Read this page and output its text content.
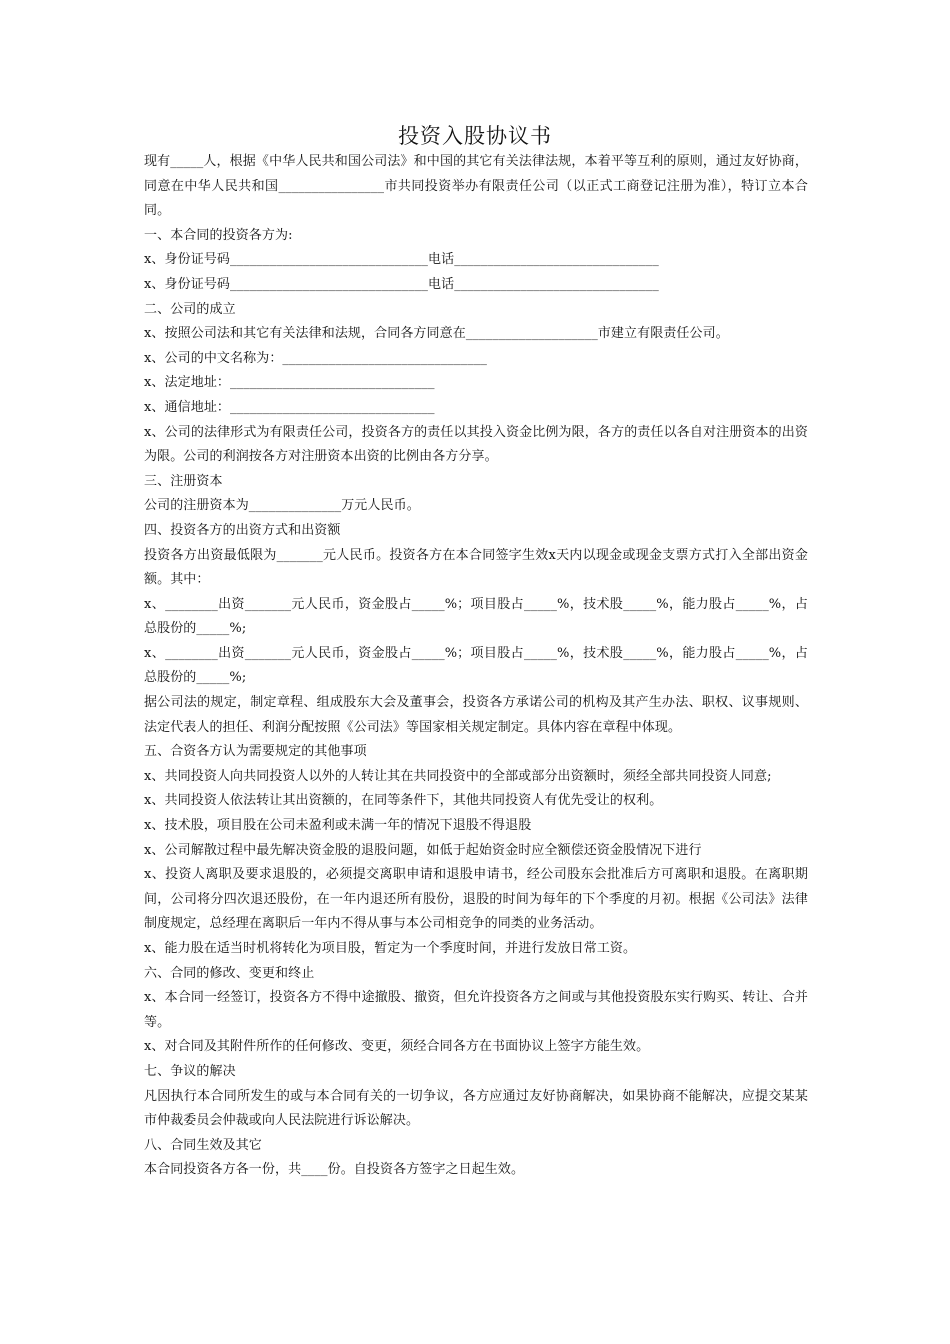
投资入股协议书

现有_____人，根据《中华人民共和国公司法》和中国的其它有关法律法规，本着平等互利的原则，通过友好协商，同意在中华人民共和国________________市共同投资举办有限责任公司（以正式工商登记注册为准），特订立本合同。

一、本合同的投资各方为:

x、身份证号码______________________________电话_______________________________

x、身份证号码______________________________电话_______________________________

二、公司的成立

x、按照公司法和其它有关法律和法规，合同各方同意在____________________市建立有限责任公司。

x、公司的中文名称为：_______________________________

x、法定地址：_______________________________

x、通信地址：_______________________________

x、公司的法律形式为有限责任公司，投资各方的责任以其投入资金比例为限，各方的责任以各自对注册资本的出资为限。公司的利润按各方对注册资本出资的比例由各方分享。

三、注册资本

公司的注册资本为______________万元人民币。

四、投资各方的出资方式和出资额

投资各方出资最低限为_______元人民币。投资各方在本合同签字生效x天内以现金或现金支票方式打入全部出资金额。其中：

x、________出资_______元人民币，资金股占_____%；项目股占_____%，技术股_____%，能力股占_____%，占总股份的_____%;

x、________出资_______元人民币，资金股占_____%；项目股占_____%，技术股_____%，能力股占_____%，占总股份的_____%;

据公司法的规定，制定章程、组成股东大会及董事会，投资各方承诺公司的机构及其产生办法、职权、议事规则、法定代表人的担任、利润分配按照《公司法》等国家相关规定制定。具体内容在章程中体现。

五、合资各方认为需要规定的其他事项

x、共同投资人向共同投资人以外的人转让其在共同投资中的全部或部分出资额时，须经全部共同投资人同意;

x、共同投资人依法转让其出资额的，在同等条件下，其他共同投资人有优先受让的权利。

x、技术股，项目股在公司未盈利或未满一年的情况下退股不得退股

x、公司解散过程中最先解决资金股的退股问题，如低于起始资金时应全额偿还资金股情况下进行

x、投资人离职及要求退股的，必须提交离职申请和退股申请书，经公司股东会批准后方可离职和退股。在离职期间，公司将分四次退还股份，在一年内退还所有股份，退股的时间为每年的下个季度的月初。根据《公司法》法律制度规定，总经理在离职后一年内不得从事与本公司相竞争的同类的业务活动。

x、能力股在适当时机将转化为项目股，暂定为一个季度时间，并进行发放日常工资。

六、合同的修改、变更和终止

x、本合同一经签订，投资各方不得中途撤股、撤资，但允许投资各方之间或与其他投资股东实行购买、转让、合并等。

x、对合同及其附件所作的任何修改、变更，须经合同各方在书面协议上签字方能生效。

七、争议的解决

凡因执行本合同所发生的或与本合同有关的一切争议，各方应通过友好协商解决，如果协商不能解决，应提交某某市仲裁委员会仲裁或向人民法院进行诉讼解决。

八、合同生效及其它

本合同投资各方各一份，共____份。自投资各方签字之日起生效。
